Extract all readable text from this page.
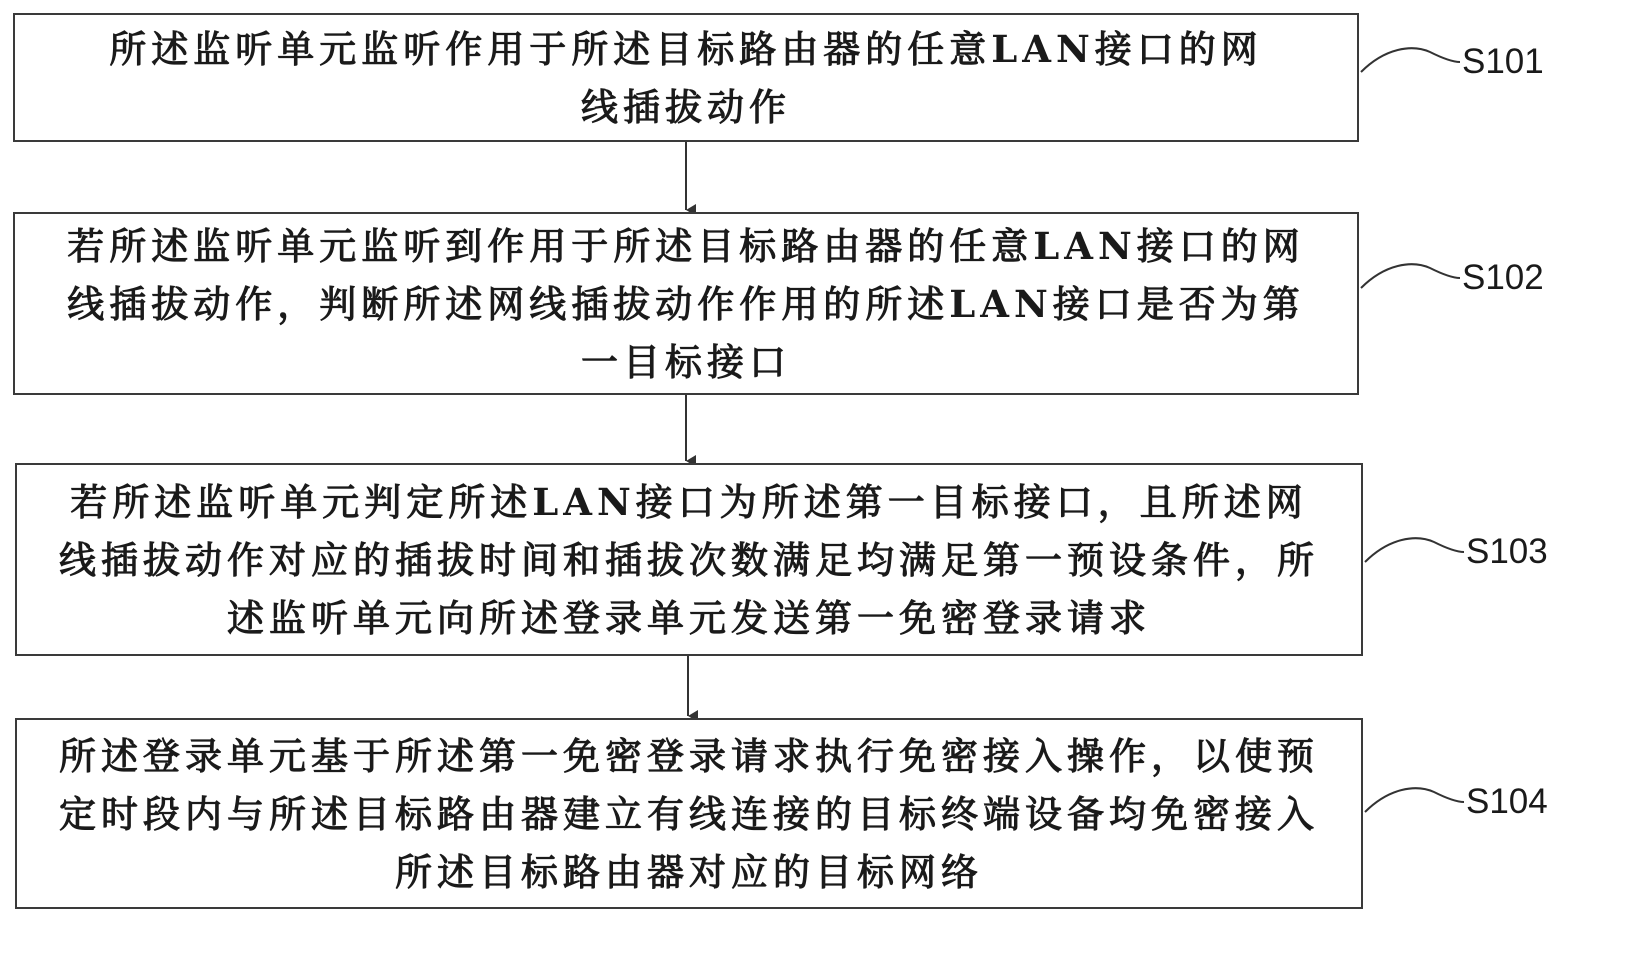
所述监听单元监听作用于所述目标路由器的任意LAN接口的网线插拔动作
S101
若所述监听单元监听到作用于所述目标路由器的任意LAN接口的网线插拔动作，判断所述网线插拔动作作用的所述LAN接口是否为第一目标接口
S102
若所述监听单元判定所述LAN接口为所述第一目标接口，且所述网线插拔动作对应的插拔时间和插拔次数满足均满足第一预设条件，所述监听单元向所述登录单元发送第一免密登录请求
S103
所述登录单元基于所述第一免密登录请求执行免密接入操作，以使预定时段内与所述目标路由器建立有线连接的目标终端设备均免密接入所述目标路由器对应的目标网络
S104
